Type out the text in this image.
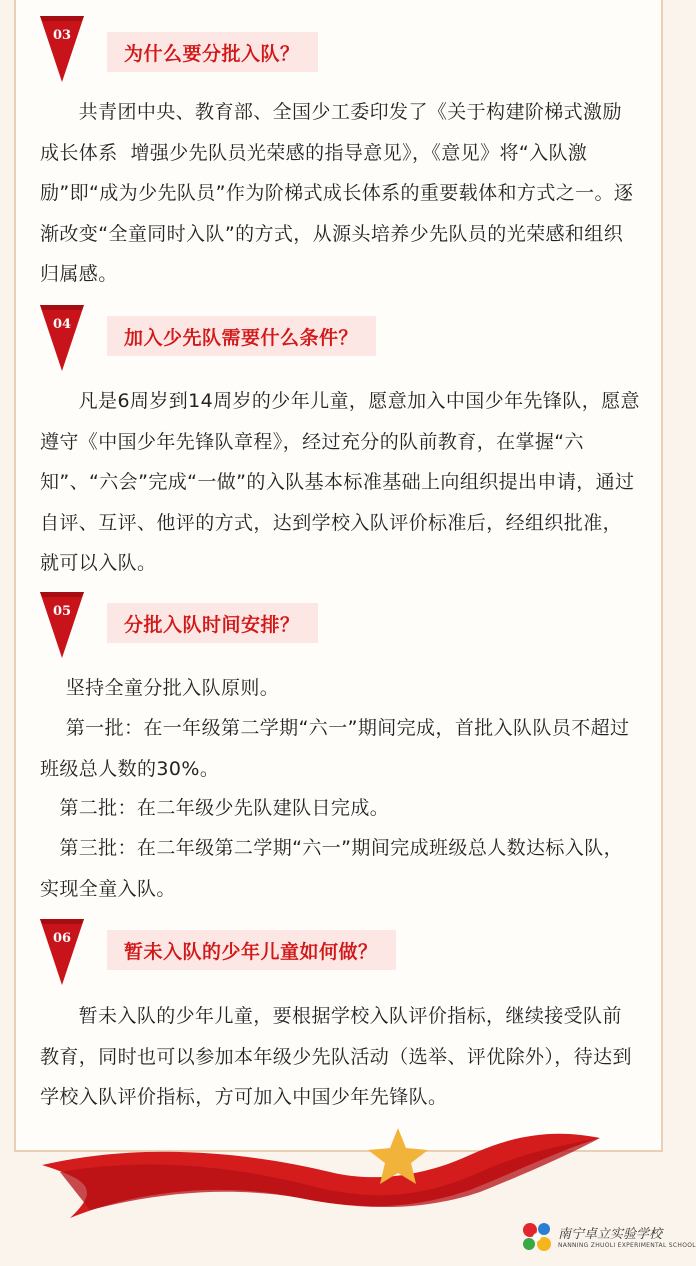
03
为什么要分批入队？

共青团中央、教育部、全国少工委印发了《关于构建阶梯式激励成长体系  增强少先队员光荣感的指导意见》，《意见》将“入队激励”即“成为少先队员”作为阶梯式成长体系的重要载体和方式之一。逐渐改变“全童同时入队”的方式，从源头培养少先队员的光荣感和组织归属感。

04
加入少先队需要什么条件？

凡是6周岁到14周岁的少年儿童，愿意加入中国少年先锋队，愿意遵守《中国少年先锋队章程》，经过充分的队前教育，在掌握“六知”、“六会”完成“一做”的入队基本标准基础上向组织提出申请，通过自评、互评、他评的方式，达到学校入队评价标准后，经组织批准，就可以入队。

05
分批入队时间安排？

坚持全童分批入队原则。

第一批：在一年级第二学期“六一”期间完成，首批入队队员不超过班级总人数的30%。

第二批：在二年级少先队建队日完成。

第三批：在二年级第二学期“六一”期间完成班级总人数达标入队，实现全童入队。

06
暂未入队的少年儿童如何做？

暂未入队的少年儿童，要根据学校入队评价指标，继续接受队前教育，同时也可以参加本年级少先队活动（选举、评优除外），待达到学校入队评价指标，方可加入中国少年先锋队。

南宁卓立实验学校
NANNING ZHUOLI EXPERIMENTAL SCHOOL
